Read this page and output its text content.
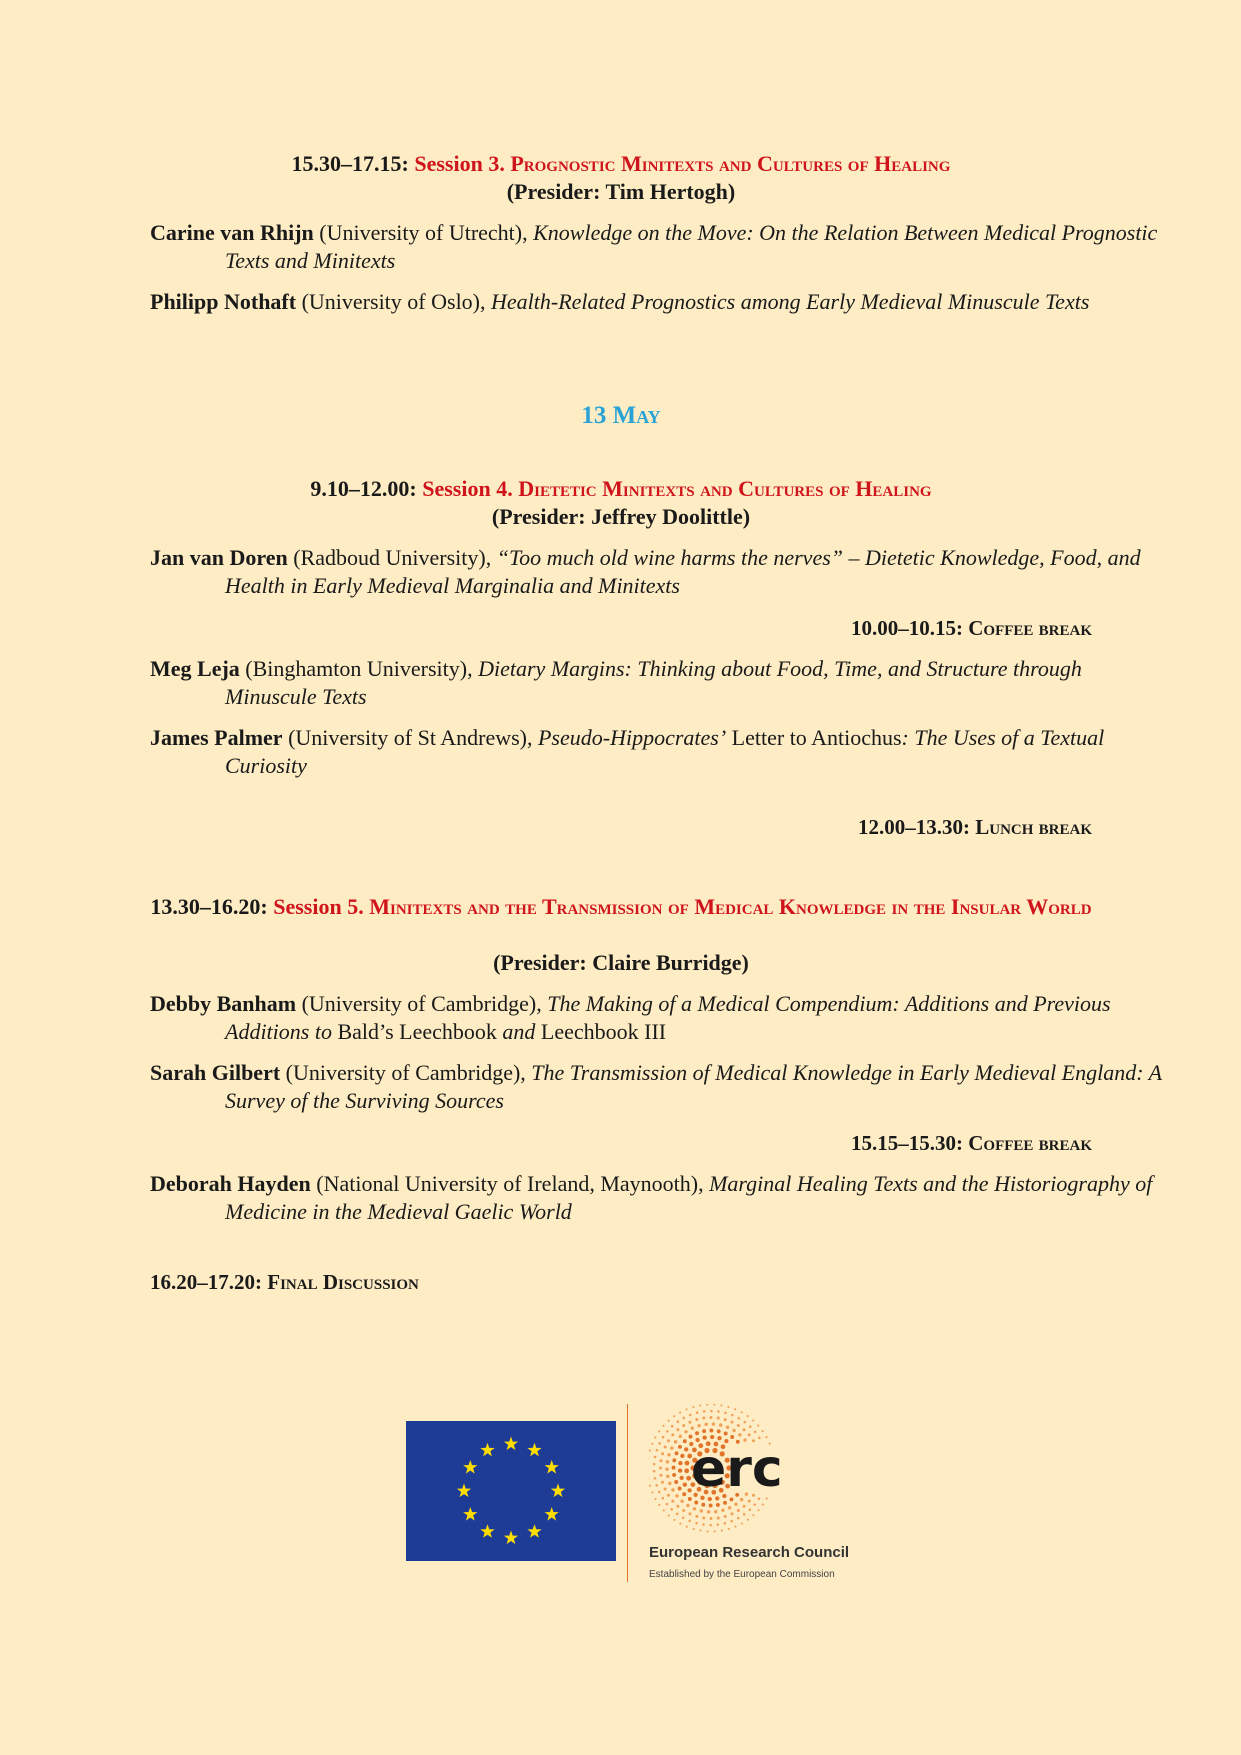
15.30–17.15: Session 3. Prognostic Minitexts and Cultures of Healing
(Presider: Tim Hertogh)
Carine van Rhijn (University of Utrecht), Knowledge on the Move: On the Relation Between Medical Prognostic Texts and Minitexts
Philipp Nothaft (University of Oslo), Health-Related Prognostics among Early Medieval Minuscule Texts
13 May
9.10–12.00: Session 4. Dietetic Minitexts and Cultures of Healing
(Presider: Jeffrey Doolittle)
Jan van Doren (Radboud University), “Too much old wine harms the nerves” – Dietetic Knowledge, Food, and Health in Early Medieval Marginalia and Minitexts
10.00–10.15: Coffee break
Meg Leja (Binghamton University), Dietary Margins: Thinking about Food, Time, and Structure through Minuscule Texts
James Palmer (University of St Andrews), Pseudo-Hippocrates’ Letter to Antiochus: The Uses of a Textual Curiosity
12.00–13.30: Lunch break
13.30–16.20: Session 5. Minitexts and the Transmission of Medical Knowledge in the Insular World
(Presider: Claire Burridge)
Debby Banham (University of Cambridge), The Making of a Medical Compendium: Additions and Previous Additions to Bald’s Leechbook and Leechbook III
Sarah Gilbert (University of Cambridge), The Transmission of Medical Knowledge in Early Medieval England: A Survey of the Surviving Sources
15.15–15.30: Coffee break
Deborah Hayden (National University of Ireland, Maynooth), Marginal Healing Texts and the Historiography of Medicine in the Medieval Gaelic World
16.20–17.20: Final Discussion
erc
European Research Council
Established by the European Commission
